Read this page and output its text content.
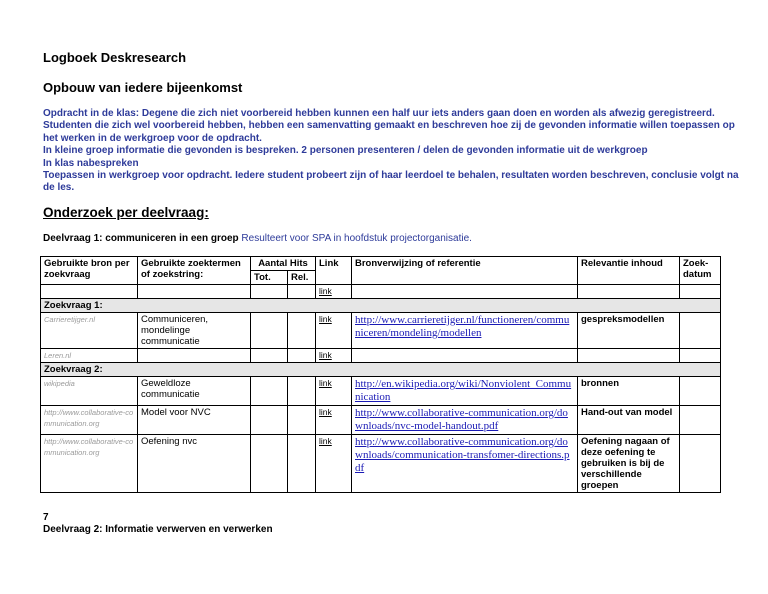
Logboek Deskresearch
Opbouw van iedere bijeenkomst
Opdracht in de klas: Degene die zich niet voorbereid hebben kunnen een half uur iets anders gaan doen en worden als afwezig geregistreerd.
Studenten die zich wel voorbereid hebben, hebben een samenvatting gemaakt en beschreven hoe zij de gevonden informatie willen toepassen op
het werken in de werkgroep voor de opdracht.
In kleine groep informatie die gevonden is bespreken. 2 personen presenteren / delen de gevonden informatie uit de werkgroep
In klas nabespreken
Toepassen in werkgroep voor opdracht. Iedere student probeert zijn of haar leerdoel te behalen, resultaten worden beschreven, conclusie volgt na
de les.
Onderzoek per deelvraag:
Deelvraag 1: communiceren in een groep Resulteert voor SPA in hoofdstuk projectorganisatie.
Gebruikte bron per zoekvraag	Gebruikte zoektermen of zoekstring:	Aantal Hits		Link	Bronverwijzing of referentie	Relevantie inhoud	Zoek-datum
		Tot.	Rel.				
				link			
Zoekvraag 1:							
Carrieretijger.nl	Communiceren, mondelinge communicatie			link	http://www.carrieretijger.nl/functioneren/communiceren/mondeling/modellen	gespreksmodellen	
Leren.nl				link			
Zoekvraag 2:							
wikipedia	Geweldloze communicatie			link	http://en.wikipedia.org/wiki/Nonviolent_Communication	bronnen	
http://www.collaborative-communication.org	Model voor NVC			link	http://www.collaborative-communication.org/downloads/nvc-model-handout.pdf	Hand-out van model	
http://www.collaborative-communication.org	Oefening nvc			link	http://www.collaborative-communication.org/downloads/communication-transfomer-directions.pdf	Oefening nagaan of deze oefening te gebruiken is bij de verschillende groepen	
7
Deelvraag 2: Informatie verwerven en verwerken
